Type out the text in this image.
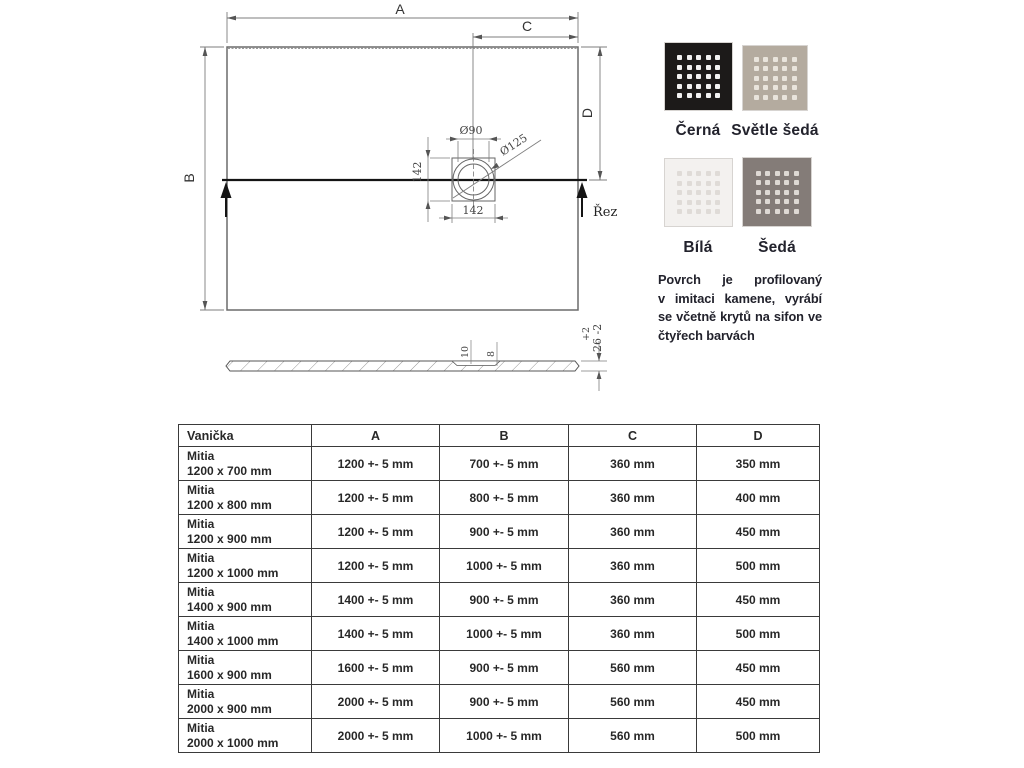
A
C
B
D
Řez
Ø90
Ø125
142
142
10 8
+2 26 -2
Černá Světle šedá
Bílá	Šedá
Povrch je profilovaný
v imitaci kamene, vyrábí
se včetně krytů na sifon ve
čtyřech barvách
Vanička	A	B	C	D

Mitia
1200 x 700 mm	1200 +- 5 mm	700 +- 5 mm	360 mm	350 mm

Mitia
1200 x 800 mm	1200 +- 5 mm	800 +- 5 mm	360 mm	400 mm

Mitia
1200 x 900 mm	1200 +- 5 mm	900 +- 5 mm	360 mm	450 mm

Mitia
1200 x 1000 mm	1200 +- 5 mm	1000 +- 5 mm	360 mm	500 mm

Mitia
1400 x 900 mm	1400 +- 5 mm	900 +- 5 mm	360 mm	450 mm

Mitia
1400 x 1000 mm	1400 +- 5 mm	1000 +- 5 mm	360 mm	500 mm

Mitia
1600 x 900 mm	1600 +- 5 mm	900 +- 5 mm	560 mm	450 mm

Mitia
2000 x 900 mm	2000 +- 5 mm	900 +- 5 mm	560 mm	450 mm

Mitia
2000 x 1000 mm	2000 +- 5 mm	1000 +- 5 mm	560 mm	500 mm
